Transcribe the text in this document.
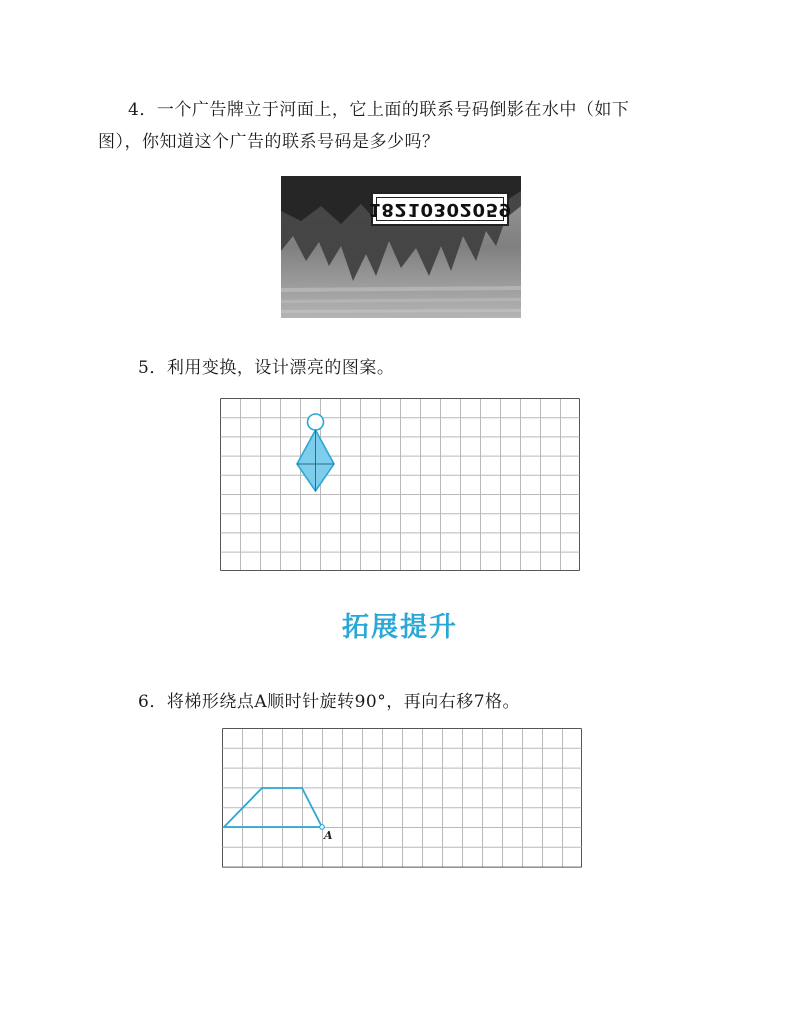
4．一个广告牌立于河面上，它上面的联系号码倒影在水中（如下
图），你知道这个广告的联系号码是多少吗？
18210302059
5．利用变换，设计漂亮的图案。
拓展提升
6．将梯形绕点A顺时针旋转90°，再向右移7格。
A
